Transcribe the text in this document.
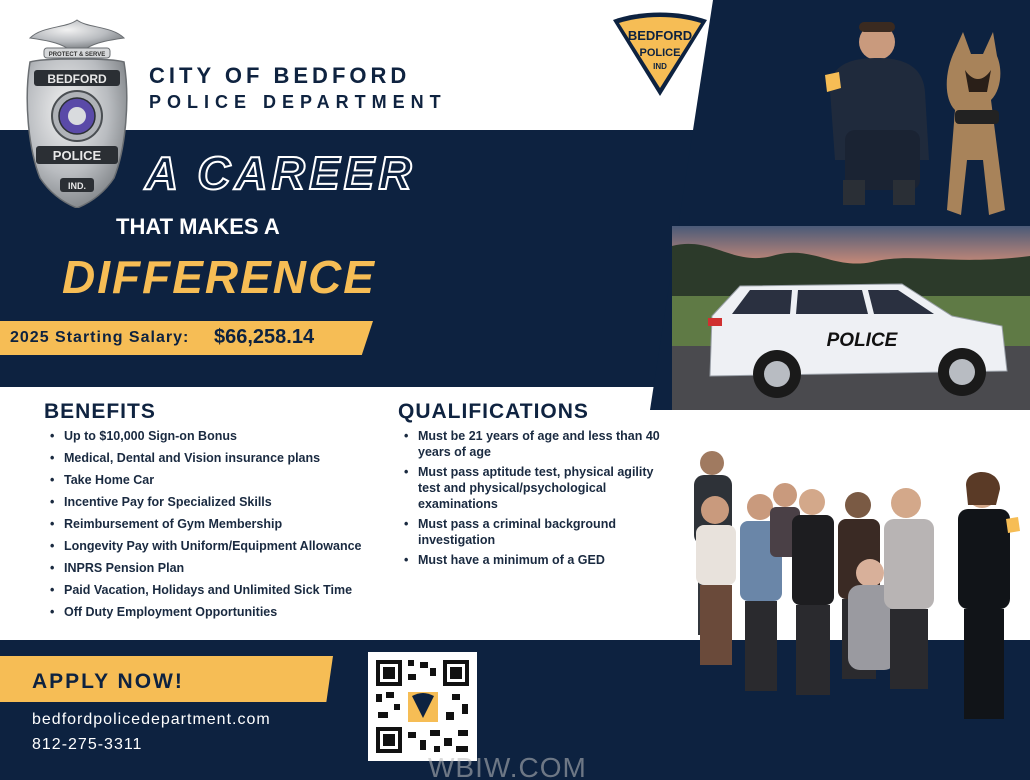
PROTECT & SERVE
BEDFORD
POLICE
IND.
CITY OF BEDFORD
POLICE DEPARTMENT
BEDFORD
POLICE
IND
A CAREER
THAT MAKES A
DIFFERENCE
2025 Starting Salary: $66,258.14	POLICE
BENEFITS
• Up to $10,000 Sign-on Bonus
• Medical, Dental and Vision insurance plans
• Take Home Car
• Incentive Pay for Specialized Skills
• Reimbursement of Gym Membership
• Longevity Pay with Uniform/Equipment Allowance
• INPRS Pension Plan
• Paid Vacation, Holidays and Unlimited Sick Time
• Off Duty Employment Opportunities
QUALIFICATIONS
• Must be 21 years of age and less than 40 years of age
• Must pass aptitude test, physical agility test and physical/psychological examinations
• Must pass a criminal background investigation
• Must have a minimum of a GED
APPLY NOW!
bedfordpolicedepartment.com
812-275-3311
WBIW.COM
